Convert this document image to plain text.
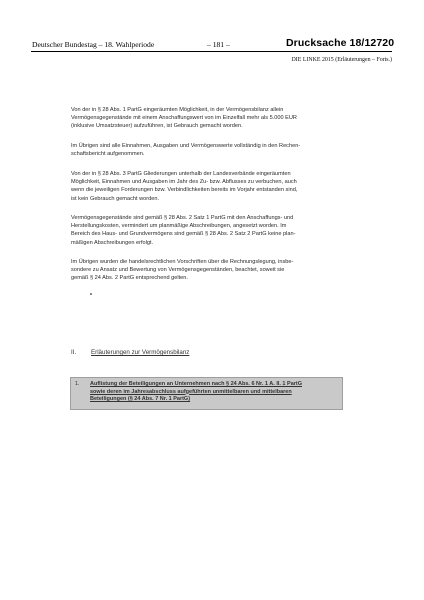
Deutscher Bundestag – 18. Wahlperiode	– 181 –	Drucksache 18/12720
DIE LINKE 2015 (Erläuterungen – Forts.)
Von der in § 28 Abs. 1 PartG eingeräumten Möglichkeit, in der Vermögensbilanz allein
Vermögensgegenstände mit einem Anschaffungswert von im Einzelfall mehr als 5.000 EUR
(inklusive Umsatzsteuer) aufzuführen, ist Gebrauch gemacht worden.
Im Übrigen sind alle Einnahmen, Ausgaben und Vermögenswerte vollständig in den Rechen-
schaftsbericht aufgenommen.
Von der in § 28 Abs. 3 PartG Gliederungen unterhalb der Landesverbände eingeräumten
Möglichkeit, Einnahmen und Ausgaben im Jahr des Zu- bzw. Abflusses zu verbuchen, auch
wenn die jeweiligen Forderungen bzw. Verbindlichkeiten bereits im Vorjahr entstanden sind,
ist kein Gebrauch gemacht worden.
Vermögensgegenstände sind gemäß § 28 Abs. 2 Satz 1 PartG mit den Anschaffungs- und
Herstellungskosten, vermindert um planmäßige Abschreibungen, angesetzt worden. Im
Bereich des Haus- und Grundvermögens sind gemäß § 28 Abs. 2 Satz 2 PartG keine plan-
mäßigen Abschreibungen erfolgt.
Im Übrigen wurden die handelsrechtlichen Vorschriften über die Rechnungslegung, insbe-
sondere zu Ansatz und Bewertung von Vermögensgegenständen, beachtet, soweit sie
gemäß § 24 Abs. 2 PartG entsprechend gelten.
II. Erläuterungen zur Vermögensbilanz
1. Auflistung der Beteiligungen an Unternehmen nach § 24 Abs. 6 Nr. 1 A. II. 1 PartG
sowie deren im Jahresabschluss aufgeführten unmittelbaren und mittelbaren
Beteiligungen (§ 24 Abs. 7 Nr. 1 PartG)
